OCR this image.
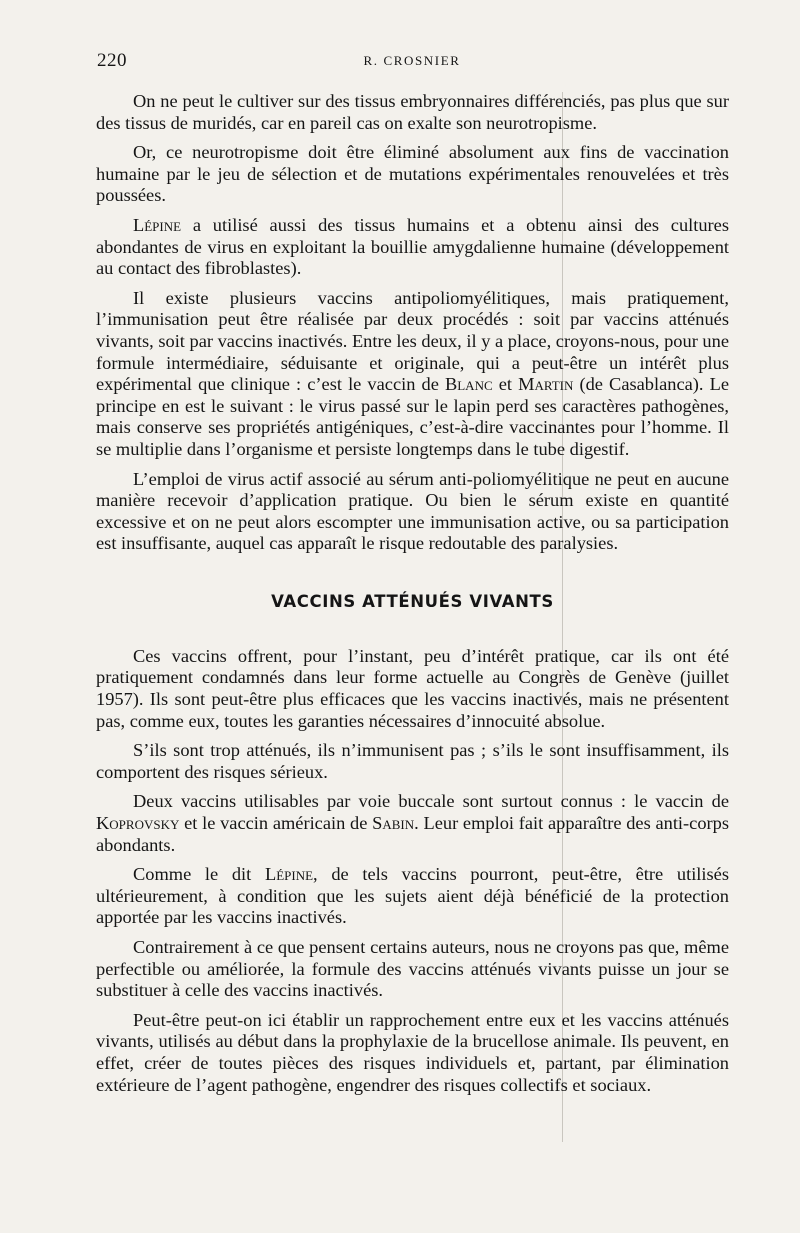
220	R. CROSNIER

On ne peut le cultiver sur des tissus embryonnaires différenciés, pas plus que sur des tissus de muridés, car en pareil cas on exalte son neurotropisme.

Or, ce neurotropisme doit être éliminé absolument aux fins de vaccination humaine par le jeu de sélection et de mutations expérimentales renouvelées et très poussées.

Lépine a utilisé aussi des tissus humains et a obtenu ainsi des cultures abondantes de virus en exploitant la bouillie amygdalienne humaine (développement au contact des fibroblastes).

Il existe plusieurs vaccins antipoliomyélitiques, mais pratiquement, l’immunisation peut être réalisée par deux procédés : soit par vaccins atténués vivants, soit par vaccins inactivés. Entre les deux, il y a place, croyons-nous, pour une formule intermédiaire, séduisante et originale, qui a peut-être un intérêt plus expérimental que clinique : c’est le vaccin de Blanc et Martin (de Casablanca). Le principe en est le suivant : le virus passé sur le lapin perd ses caractères pathogènes, mais conserve ses propriétés antigéniques, c’est-à-dire vaccinantes pour l’homme. Il se multiplie dans l’organisme et persiste longtemps dans le tube digestif.

L’emploi de virus actif associé au sérum anti-poliomyélitique ne peut en aucune manière recevoir d’application pratique. Ou bien le sérum existe en quantité excessive et on ne peut alors escompter une immunisation active, ou sa participation est insuffisante, auquel cas apparaît le risque redoutable des paralysies.

VACCINS ATTÉNUÉS VIVANTS

Ces vaccins offrent, pour l’instant, peu d’intérêt pratique, car ils ont été pratiquement condamnés dans leur forme actuelle au Congrès de Genève (juillet 1957). Ils sont peut-être plus efficaces que les vaccins inactivés, mais ne présentent pas, comme eux, toutes les garanties nécessaires d’innocuité absolue.

S’ils sont trop atténués, ils n’immunisent pas ; s’ils le sont insuffisamment, ils comportent des risques sérieux.

Deux vaccins utilisables par voie buccale sont surtout connus : le vaccin de Koprovsky et le vaccin américain de Sabin. Leur emploi fait apparaître des anti-corps abondants.

Comme le dit Lépine, de tels vaccins pourront, peut-être, être utilisés ultérieurement, à condition que les sujets aient déjà bénéficié de la protection apportée par les vaccins inactivés.

Contrairement à ce que pensent certains auteurs, nous ne croyons pas que, même perfectible ou améliorée, la formule des vaccins atténués vivants puisse un jour se substituer à celle des vaccins inactivés.

Peut-être peut-on ici établir un rapprochement entre eux et les vaccins atténués vivants, utilisés au début dans la prophylaxie de la brucellose animale. Ils peuvent, en effet, créer de toutes pièces des risques individuels et, partant, par élimination extérieure de l’agent pathogène, engendrer des risques collectifs et sociaux.
